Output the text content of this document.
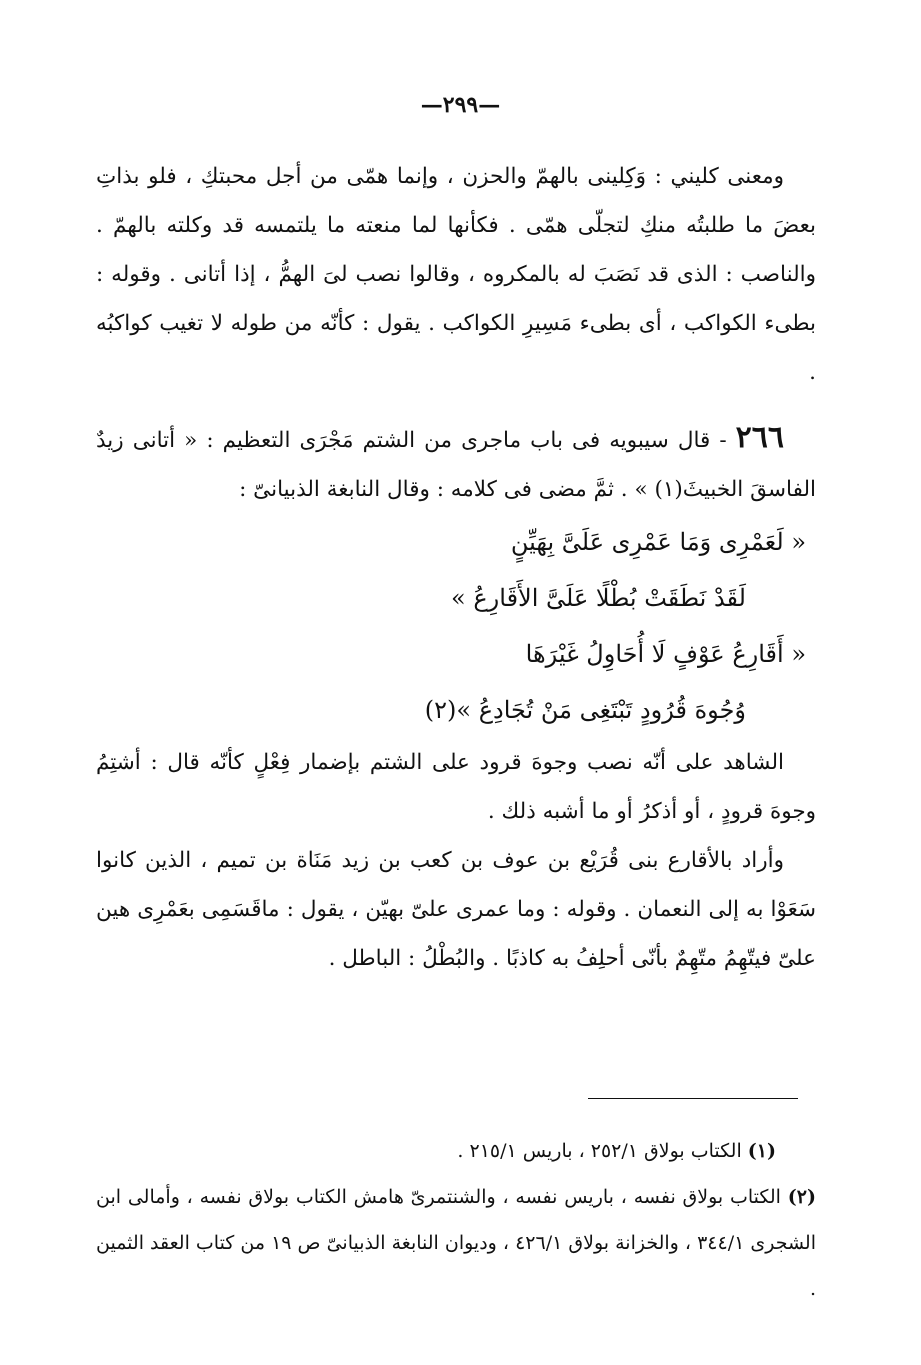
—٢٩٩—

ومعنى كليني : وَكِلينى بالهمّ والحزن ، وإنما همّى من أجل محبتكِ ، فلو بذاتِ بعضَ ما طلبتُه منكِ لتجلّى همّى . فكأنها لما منعته ما يلتمسه قد وكلته بالهمّ . والناصب : الذى قد نَصَبَ له بالمكروه ، وقالوا نصب لىَ الهمُّ ، إذا أتانى . وقوله : بطىء الكواكب ، أى بطىء مَسِيرِ الكواكب . يقول : كأنّه من طوله لا تغيب كواكبُه .

٢٦٦ - قال سيبويه فى باب ماجرى من الشتم مَجْرَى التعظيم : « أتانى زيدٌ الفاسقَ الخبيثَ(١) » . ثمَّ مضى فى كلامه : وقال النابغة الذبيانىّ :

« لَعَمْرِى وَمَا عَمْرِى عَلَىَّ بِهَيِّنٍ

لَقَدْ نَطَقَتْ بُطْلًا عَلَىَّ الأَقَارِعُ »

« أَقَارِعُ عَوْفٍ لَا أُحَاوِلُ غَيْرَهَا

وُجُوهَ قُرُودٍ تَبْتَغِى مَنْ تُجَادِعُ »(٢)

الشاهد على أنّه نصب وجوهَ قرود على الشتم بإضمار فِعْلٍ كأنّه قال : أشتِمُ وجوهَ قرودٍ ، أو أذكرُ أو ما أشبه ذلك .

وأراد بالأقارع بنى قُرَيْع بن عوف بن كعب بن زيد مَنَاة بن تميم ، الذين كانوا سَعَوْا به إلى النعمان . وقوله : وما عمرى علىّ بهيّن ، يقول : ماقَسَمِى بعَمْرِى هين علىّ فيتّهِمُ متّهِمٌ بأنّى أحلِفُ به كاذبًا . والبُطْلُ : الباطل .

(١) الكتاب بولاق ٢٥٢/١ ، باريس ٢١٥/١ .

(٢) الكتاب بولاق نفسه ، باريس نفسه ، والشنتمرىّ هامش الكتاب بولاق نفسه ، وأمالى ابن الشجرى ٣٤٤/١ ، والخزانة بولاق ٤٢٦/١ ، وديوان النابغة الذبيانىّ ص ١٩ من كتاب العقد الثمين .
